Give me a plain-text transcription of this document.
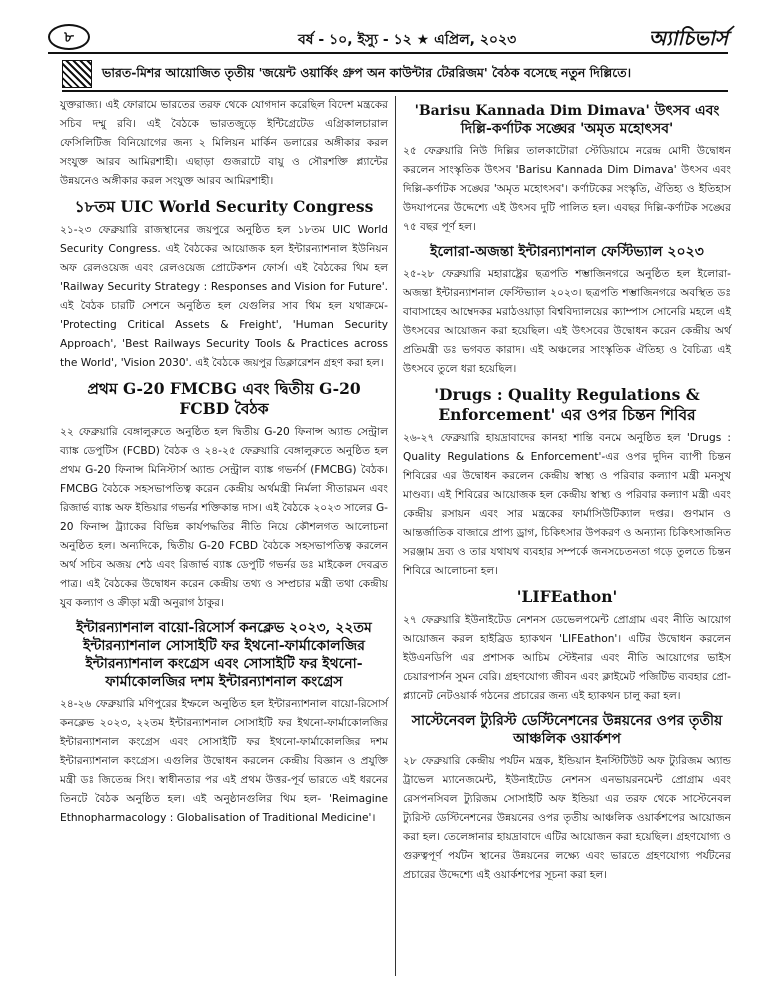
৮	বর্ষ - ১০, ইস্যু - ১২ ★ এপ্রিল, ২০২৩	অ্যাচিভার্স
ভারত-মিশর আয়োজিত তৃতীয় 'জয়েন্ট ওয়ার্কিং গ্রুপ অন কাউন্টার টেররিজম' বৈঠক বসেছে নতুন দিল্লিতে।

যুক্তরাজ্য। এই ফোরামে ভারতের তরফ থেকে যোগদান করেছিল বিদেশ মন্ত্রকের সচিব দম্মু রবি। এই বৈঠকে ভারতজুড়ে ইন্টিগ্রেটেড এগ্রিকালচারাল ফেসিলিটিজ বিনিয়োগের জন্য ২ মিলিয়ন মার্কিন ডলারের অঙ্গীকার করল সংযুক্ত আরব আমিরশাহী। এছাড়া গুজরাটে বায়ু ও সৌরশক্তি প্ল্যান্টের উন্নয়নেও অঙ্গীকার করল সংযুক্ত আরব আমিরশাহী।

১৮তম UIC World Security Congress

২১-২৩ ফেব্রুয়ারি রাজস্থানের জয়পুরে অনুষ্ঠিত হল ১৮তম UIC World Security Congress. এই বৈঠকের আয়োজক হল ইন্টারন্যাশনাল ইউনিয়ন অফ রেলওয়েজ এবং রেলওয়েজ প্রোটেকশন ফোর্স। এই বৈঠকের থিম হল 'Railway Security Strategy : Responses and Vision for Future'. এই বৈঠক চারটি সেশনে অনুষ্ঠিত হল যেগুলির সাব থিম হল যথাক্রমে- 'Protecting Critical Assets & Freight', 'Human Security Approach', 'Best Railways Security Tools & Practices across the World', 'Vision 2030'. এই বৈঠকে জয়পুর ডিক্লারেশন গ্রহণ করা হল।

প্রথম G-20 FMCBG এবং দ্বিতীয় G-20 FCBD বৈঠক

২২ ফেব্রুয়ারি বেঙ্গালুরুতে অনুষ্ঠিত হল দ্বিতীয় G-20 ফিনান্স অ্যান্ড সেন্ট্রাল ব্যাঙ্ক ডেপুটিস (FCBD) বৈঠক ও ২৪-২৫ ফেব্রুয়ারি বেঙ্গালুরুতে অনুষ্ঠিত হল প্রথম G-20 ফিনান্স মিনিস্টার্স অ্যান্ড সেন্ট্রাল ব্যাঙ্ক গভর্নর্স (FMCBG) বৈঠক। FMCBG বৈঠকে সহসভাপতিত্ব করেন কেন্দ্রীয় অর্থমন্ত্রী নির্মলা সীতারমন এবং রিজার্ভ ব্যাঙ্ক অফ ইন্ডিয়ার গভর্নর শক্তিকান্ত দাস। এই বৈঠকে ২০২৩ সালের G-20 ফিনান্স ট্র্যাকের বিভিন্ন কার্যপদ্ধতির নীতি নিয়ে কৌশলগত আলোচনা অনুষ্ঠিত হল। অন্যদিকে, দ্বিতীয় G-20 FCBD বৈঠকে সহসভাপতিত্ব করলেন অর্থ সচিব অজয় শেঠ এবং রিজার্ভ ব্যাঙ্ক ডেপুটি গভর্নর ডঃ মাইকেল দেবব্রত পাত্র। এই বৈঠকের উদ্বোধন করেন কেন্দ্রীয় তথ্য ও সম্প্রচার মন্ত্রী তথা কেন্দ্রীয় যুব কল্যাণ ও ক্রীড়া মন্ত্রী অনুরাগ ঠাকুর।

ইন্টারন্যাশনাল বায়ো-রিসোর্স কনক্লেভ ২০২৩, ২২তম ইন্টারন্যাশনাল সোসাইটি ফর ইথনো-ফার্মাকোলজির ইন্টারন্যাশনাল কংগ্রেস এবং সোসাইটি ফর ইথনো-ফার্মাকোলজির দশম ইন্টারন্যাশনাল কংগ্রেস

২৪-২৬ ফেব্রুয়ারি মণিপুরের ইম্ফলে অনুষ্ঠিত হল ইন্টারন্যাশনাল বায়ো-রিসোর্স কনক্লেভ ২০২৩, ২২তম ইন্টারন্যাশনাল সোসাইটি ফর ইথনো-ফার্মাকোলজির ইন্টারন্যাশনাল কংগ্রেস এবং সোসাইটি ফর ইথনো-ফার্মাকোলজির দশম ইন্টারন্যাশনাল কংগ্রেস। এগুলির উদ্বোধন করলেন কেন্দ্রীয় বিজ্ঞান ও প্রযুক্তি মন্ত্রী ডঃ জিতেন্দ্র সিং। স্বাধীনতার পর এই প্রথম উত্তর-পূর্ব ভারতে এই ধরনের তিনটে বৈঠক অনুষ্ঠিত হল। এই অনুষ্ঠানগুলির থিম হল- 'Reimagine Ethnopharmacology : Globalisation of Traditional Medicine'।

'Barisu Kannada Dim Dimava' উৎসব এবং দিল্লি-কর্ণাটক সঙ্ঘের 'অমৃত মহোৎসব'

২৫ ফেব্রুয়ারি নিউ দিল্লির তালকাটোরা স্টেডিয়ামে নরেন্দ্র মোদী উদ্বোধন করলেন সাংস্কৃতিক উৎসব 'Barisu Kannada Dim Dimava' উৎসব এবং দিল্লি-কর্ণাটক সঙ্ঘের 'অমৃত মহোৎসব'। কর্ণাটকের সংস্কৃতি, ঐতিহ্য ও ইতিহাস উদযাপনের উদ্দেশ্যে এই উৎসব দুটি পালিত হল। এবছর দিল্লি-কর্ণাটক সঙ্ঘের ৭৫ বছর পূর্ণ হল।

ইলোরা-অজন্তা ইন্টারন্যাশনাল ফেস্টিভ্যাল ২০২৩

২৫-২৮ ফেব্রুয়ারি মহারাষ্ট্রের ছত্রপতি শম্ভাজিনগরে অনুষ্ঠিত হল ইলোরা-অজন্তা ইন্টারন্যাশনাল ফেস্টিভ্যাল ২০২৩। ছত্রপতি শম্ভাজিনগরে অবস্থিত ডঃ বাবাসাহেব আম্বেদকর মরাঠওয়াড়া বিশ্ববিদ্যালয়ের ক্যাম্পাস সোনেরি মহলে এই উৎসবের আয়োজন করা হয়েছিল। এই উৎসবের উদ্বোধন করেন কেন্দ্রীয় অর্থ প্রতিমন্ত্রী ডঃ ভগবত কারাদ। এই অঞ্চলের সাংস্কৃতিক ঐতিহ্য ও বৈচিত্র্য এই উৎসবে তুলে ধরা হয়েছিল।

'Drugs : Quality Regulations & Enforcement' এর ওপর চিন্তন শিবির

২৬-২৭ ফেব্রুয়ারি হায়দ্রাবাদের কানহা শান্তি বনমে অনুষ্ঠিত হল 'Drugs : Quality Regulations & Enforcement'-এর ওপর দুদিন ব্যাপী চিন্তন শিবিরের এর উদ্বোধন করলেন কেন্দ্রীয় স্বাস্থ্য ও পরিবার কল্যাণ মন্ত্রী মনসুখ মাণ্ডব্য। এই শিবিরের আয়োজক হল কেন্দ্রীয় স্বাস্থ্য ও পরিবার কল্যাণ মন্ত্রী এবং কেন্দ্রীয় রসায়ন এবং সার মন্ত্রকের ফার্মাসিউটিক্যাল দপ্তর। গুণমান ও আন্তর্জাতিক বাজারে প্রাপ্য ড্রাগ, চিকিৎসার উপকরণ ও অন্যান্য চিকিৎসাজনিত সরঞ্জাম দ্রব্য ও তার যথাযথ ব্যবহার সম্পর্কে জনসচেতনতা গড়ে তুলতে চিন্তন শিবিরে আলোচনা হল।

'LIFEathon'

২৭ ফেব্রুয়ারি ইউনাইটেড নেশনস ডেভেলপমেন্ট প্রোগ্রাম এবং নীতি আয়োগ আয়োজন করল হাইব্রিড হ্যাকথন 'LIFEathon'। এটির উদ্বোধন করলেন ইউএনডিপি এর প্রশাসক আচিম স্টেইনার এবং নীতি আয়োগের ভাইস চেয়ারপার্সন সুমন বেরি। গ্রহণযোগ্য জীবন এবং ক্লাইমেট পজিটিভ ব্যবহার প্রো-প্ল্যানেট নেটওয়ার্ক গঠনের প্রচারের জন্য এই হ্যাকথন চালু করা হল।

সাস্টেনেবল ট্যুরিস্ট ডেস্টিনেশনের উন্নয়নের ওপর তৃতীয় আঞ্চলিক ওয়ার্কশপ

২৮ ফেব্রুয়ারি কেন্দ্রীয় পর্যটন মন্ত্রক, ইন্ডিয়ান ইনস্টিটিউট অফ ট্যুরিজম অ্যান্ড ট্রাভেল ম্যানেজমেন্ট, ইউনাইটেড নেশনস এনভায়রনমেন্ট প্রোগ্রাম এবং রেসপনসিবল ট্যুরিজম সোসাইটি অফ ইন্ডিয়া এর তরফ থেকে সাস্টেনেবল ট্যুরিস্ট ডেস্টিনেশনের উন্নয়নের ওপর তৃতীয় আঞ্চলিক ওয়ার্কশপের আয়োজন করা হল। তেলেঙ্গানার হায়দ্রাবাদে এটির আয়োজন করা হয়েছিল। গ্রহণযোগ্য ও গুরুত্বপূর্ণ পর্যটন স্থানের উন্নয়নের লক্ষ্যে এবং ভারতে গ্রহণযোগ্য পর্যটনের প্রচারের উদ্দেশ্যে এই ওয়ার্কশপের সূচনা করা হল।
